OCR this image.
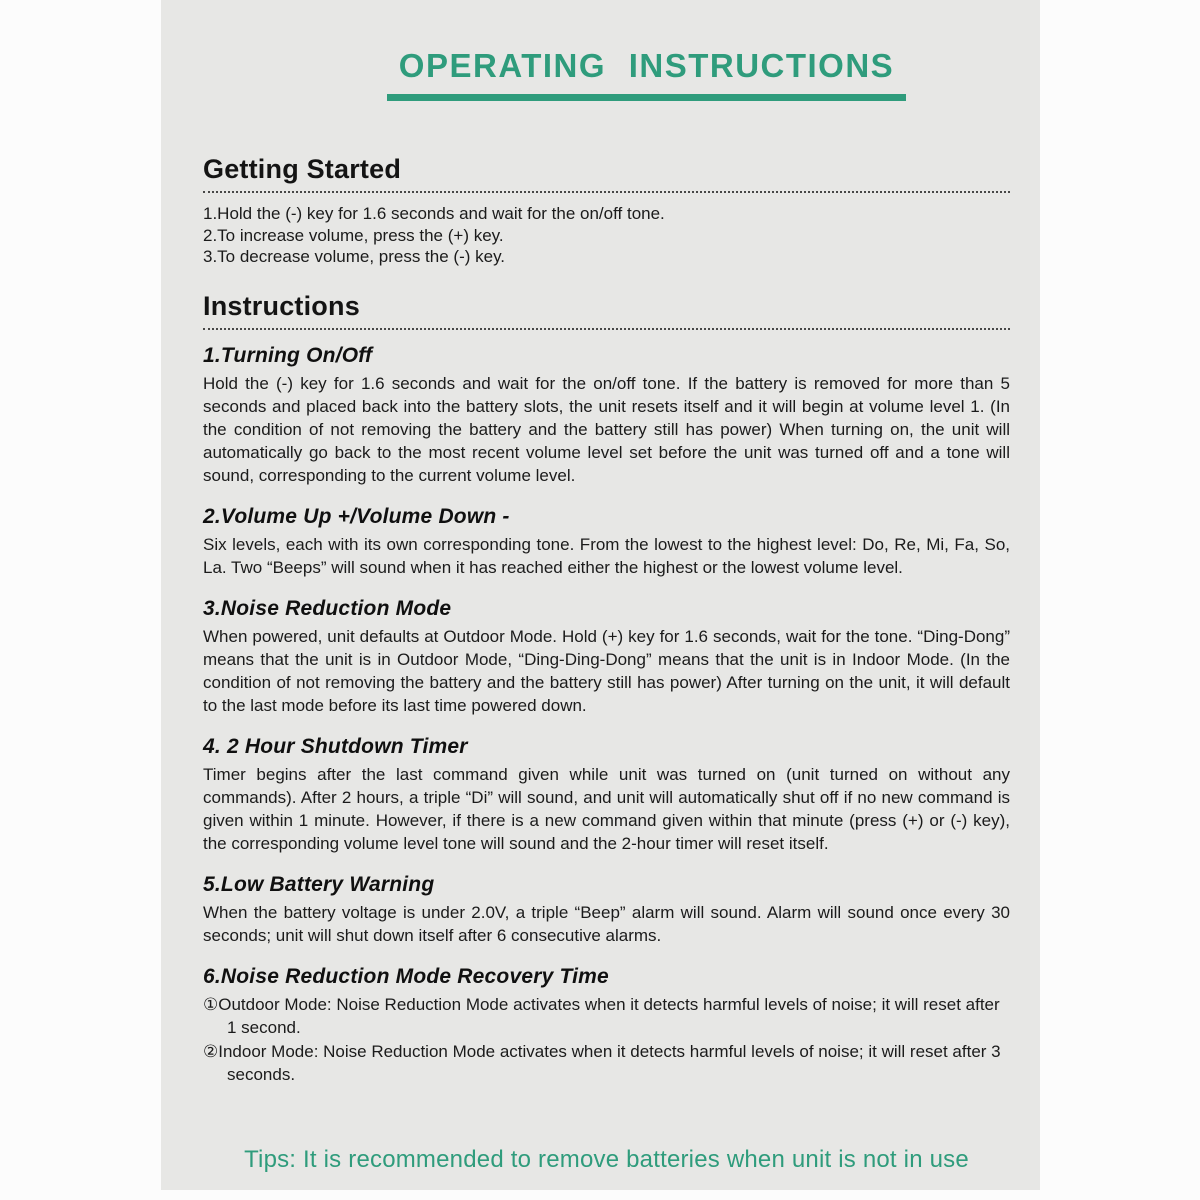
OPERATING INSTRUCTIONS
Getting Started
1.Hold the (-) key for 1.6 seconds and wait for the on/off tone.
2.To increase volume, press the (+) key.
3.To decrease volume, press the (-) key.
Instructions
1.Turning On/Off

Hold the (-) key for 1.6 seconds and wait for the on/off tone. If the battery is removed for more than 5 seconds and placed back into the battery slots, the unit resets itself and it will begin at volume level 1. (In the condition of not removing the battery and the battery still has power) When turning on, the unit will automatically go back to the most recent volume level set before the unit was turned off and a tone will sound, corresponding to the current volume level.

2.Volume Up +/Volume Down -

Six levels, each with its own corresponding tone. From the lowest to the highest level: Do, Re, Mi, Fa, So, La. Two “Beeps” will sound when it has reached either the highest or the lowest volume level.

3.Noise Reduction Mode

When powered, unit defaults at Outdoor Mode. Hold (+) key for 1.6 seconds, wait for the tone. “Ding-Dong” means that the unit is in Outdoor Mode, “Ding-Ding-Dong” means that the unit is in Indoor Mode. (In the condition of not removing the battery and the battery still has power) After turning on the unit, it will default to the last mode before its last time powered down.

4. 2 Hour Shutdown Timer

Timer begins after the last command given while unit was turned on (unit turned on without any commands). After 2 hours, a triple “Di” will sound, and unit will automatically shut off if no new command is given within 1 minute. However, if there is a new command given within that minute (press (+) or (-) key), the corresponding volume level tone will sound and the 2-hour timer will reset itself.

5.Low Battery Warning

When the battery voltage is under 2.0V, a triple “Beep” alarm will sound. Alarm will sound once every 30 seconds; unit will shut down itself after 6 consecutive alarms.

6.Noise Reduction Mode Recovery Time

①Outdoor Mode: Noise Reduction Mode activates when it detects harmful levels of noise; it will reset after 1 second.

②Indoor Mode: Noise Reduction Mode activates when it detects harmful levels of noise; it will reset after 3 seconds.

Tips: It is recommended to remove batteries when unit is not in use
